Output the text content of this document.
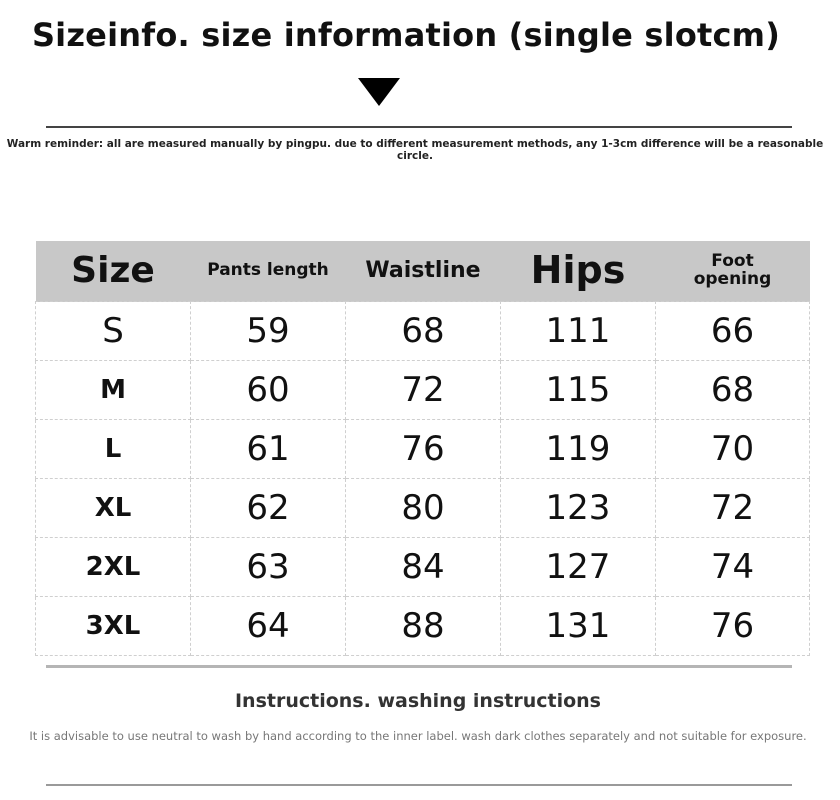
Sizeinfo. size information (single slotcm)
Warm reminder: all are measured manually by pingpu. due to different measurement methods, any 1-3cm difference will be a reasonable circle.
Size	Pants length	Waistline	Hips	Foot opening

S	59	68	111	66
M	60	72	115	68
L	61	76	119	70
XL	62	80	123	72
2XL	63	84	127	74
3XL	64	88	131	76
Instructions. washing instructions
It is advisable to use neutral to wash by hand according to the inner label. wash dark clothes separately and not suitable for exposure.
